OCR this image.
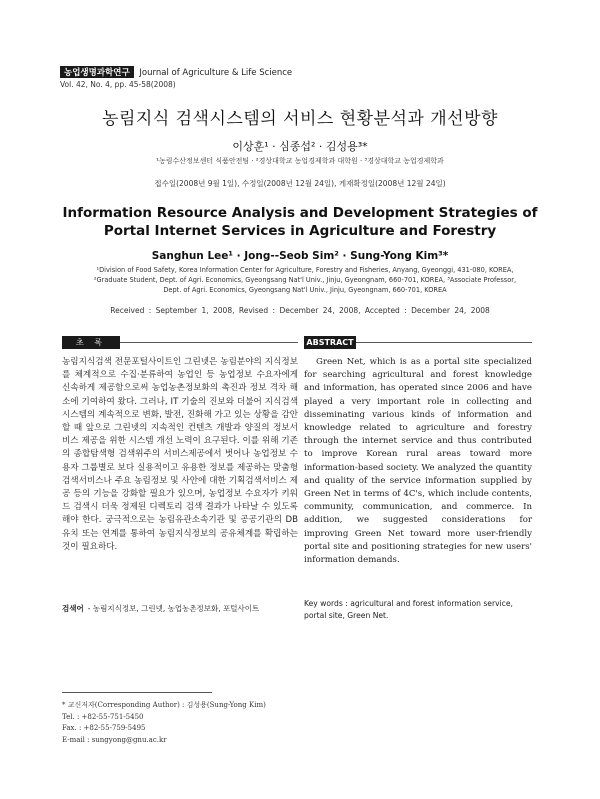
농업생명과학연구 Journal of Agriculture & Life Science
Vol. 42, No. 4, pp. 45-58(2008)
농림지식 검색시스템의 서비스 현황분석과 개선방향
이상훈¹ · 심종섭² · 김성용³*
¹농림수산정보센터 식품안전팀 · ²경상대학교 농업경제학과 대학원 · ³경상대학교 농업경제학과
접수일(2008년 9월 1일), 수정일(2008년 12월 24일), 게재확정일(2008년 12월 24일)
Information Resource Analysis and Development Strategies of Portal Internet Services in Agriculture and Forestry
Sanghun Lee¹ · Jong--Seob Sim² · Sung-Yong Kim³*
¹Division of Food Safety, Korea Information Center for Agriculture, Forestry and Fisheries, Anyang, Gyeonggi, 431-080, KOREA,
²Graduate Student, Dept. of Agri. Economics, Gyeongsang Nat'l Univ., Jinju, Gyeongnam, 660-701, KOREA, ³Associate Professor,
Dept. of Agri. Economics, Gyeongsang Nat'l Univ., Jinju, Gyeongnam, 660-701, KOREA
Received : September 1, 2008, Revised : December 24, 2008, Accepted : December 24, 2008
초 록	ABSTRACT
농림지식검색 전문포털사이트인 그린넷은 농림분야의 지식정보를 체계적으로 수집·분류하여 농업인 등 농업정보 수요자에게 신속하게 제공함으로써 농업농촌정보화의 촉진과 정보 격차 해소에 기여하여 왔다. 그러나, IT 기술의 진보와 더불어 지식검색시스템의 계속적으로 변화, 발전, 진화해 가고 있는 상황을 감안할 때 앞으로 그린넷의 지속적인 컨텐츠 개발과 양질의 정보서비스 제공을 위한 시스템 개선 노력이 요구된다. 이를 위해 기존의 종합탐색형 검색위주의 서비스제공에서 벗어나 농업정보 수용자 그룹별로 보다 실용적이고 유용한 정보를 제공하는 맞춤형 검색서비스나 주요 농림정보 및 사안에 대한 기획검색서비스 제공 등의 기능을 강화할 필요가 있으며, 농업정보 수요자가 키워드 검색시 더욱 정제된 디렉토리 검색 결과가 나타날 수 있도록 해야 한다. 궁극적으로는 농림유관소속기관 및 공공기관의 DB 유치 또는 연계를 통하여 농림지식정보의 공유체계를 확립하는 것이 필요하다.
검색어 - 농림지식정보, 그린넷, 농업농촌정보화, 포털사이트
Green Net, which is as a portal site specialized for searching agricultural and forest knowledge and information, has operated since 2006 and have played a very important role in collecting and disseminating various kinds of information and knowledge related to agriculture and forestry through the internet service and thus contributed to improve Korean rural areas toward more information-based society. We analyzed the quantity and quality of the service information supplied by Green Net in terms of 4C's, which include contents, community, communication, and commerce. In addition, we suggested considerations for improving Green Net toward more user-friendly portal site and positioning strategies for new users' information demands.
Key words : agricultural and forest information service, portal site, Green Net.
* 교신저자(Corresponding Author) : 김성용(Sung-Yong Kim)
Tel. : +82-55-751-5450
Fax. : +82-55-759-5495
E-mail : sungyong@gnu.ac.kr
